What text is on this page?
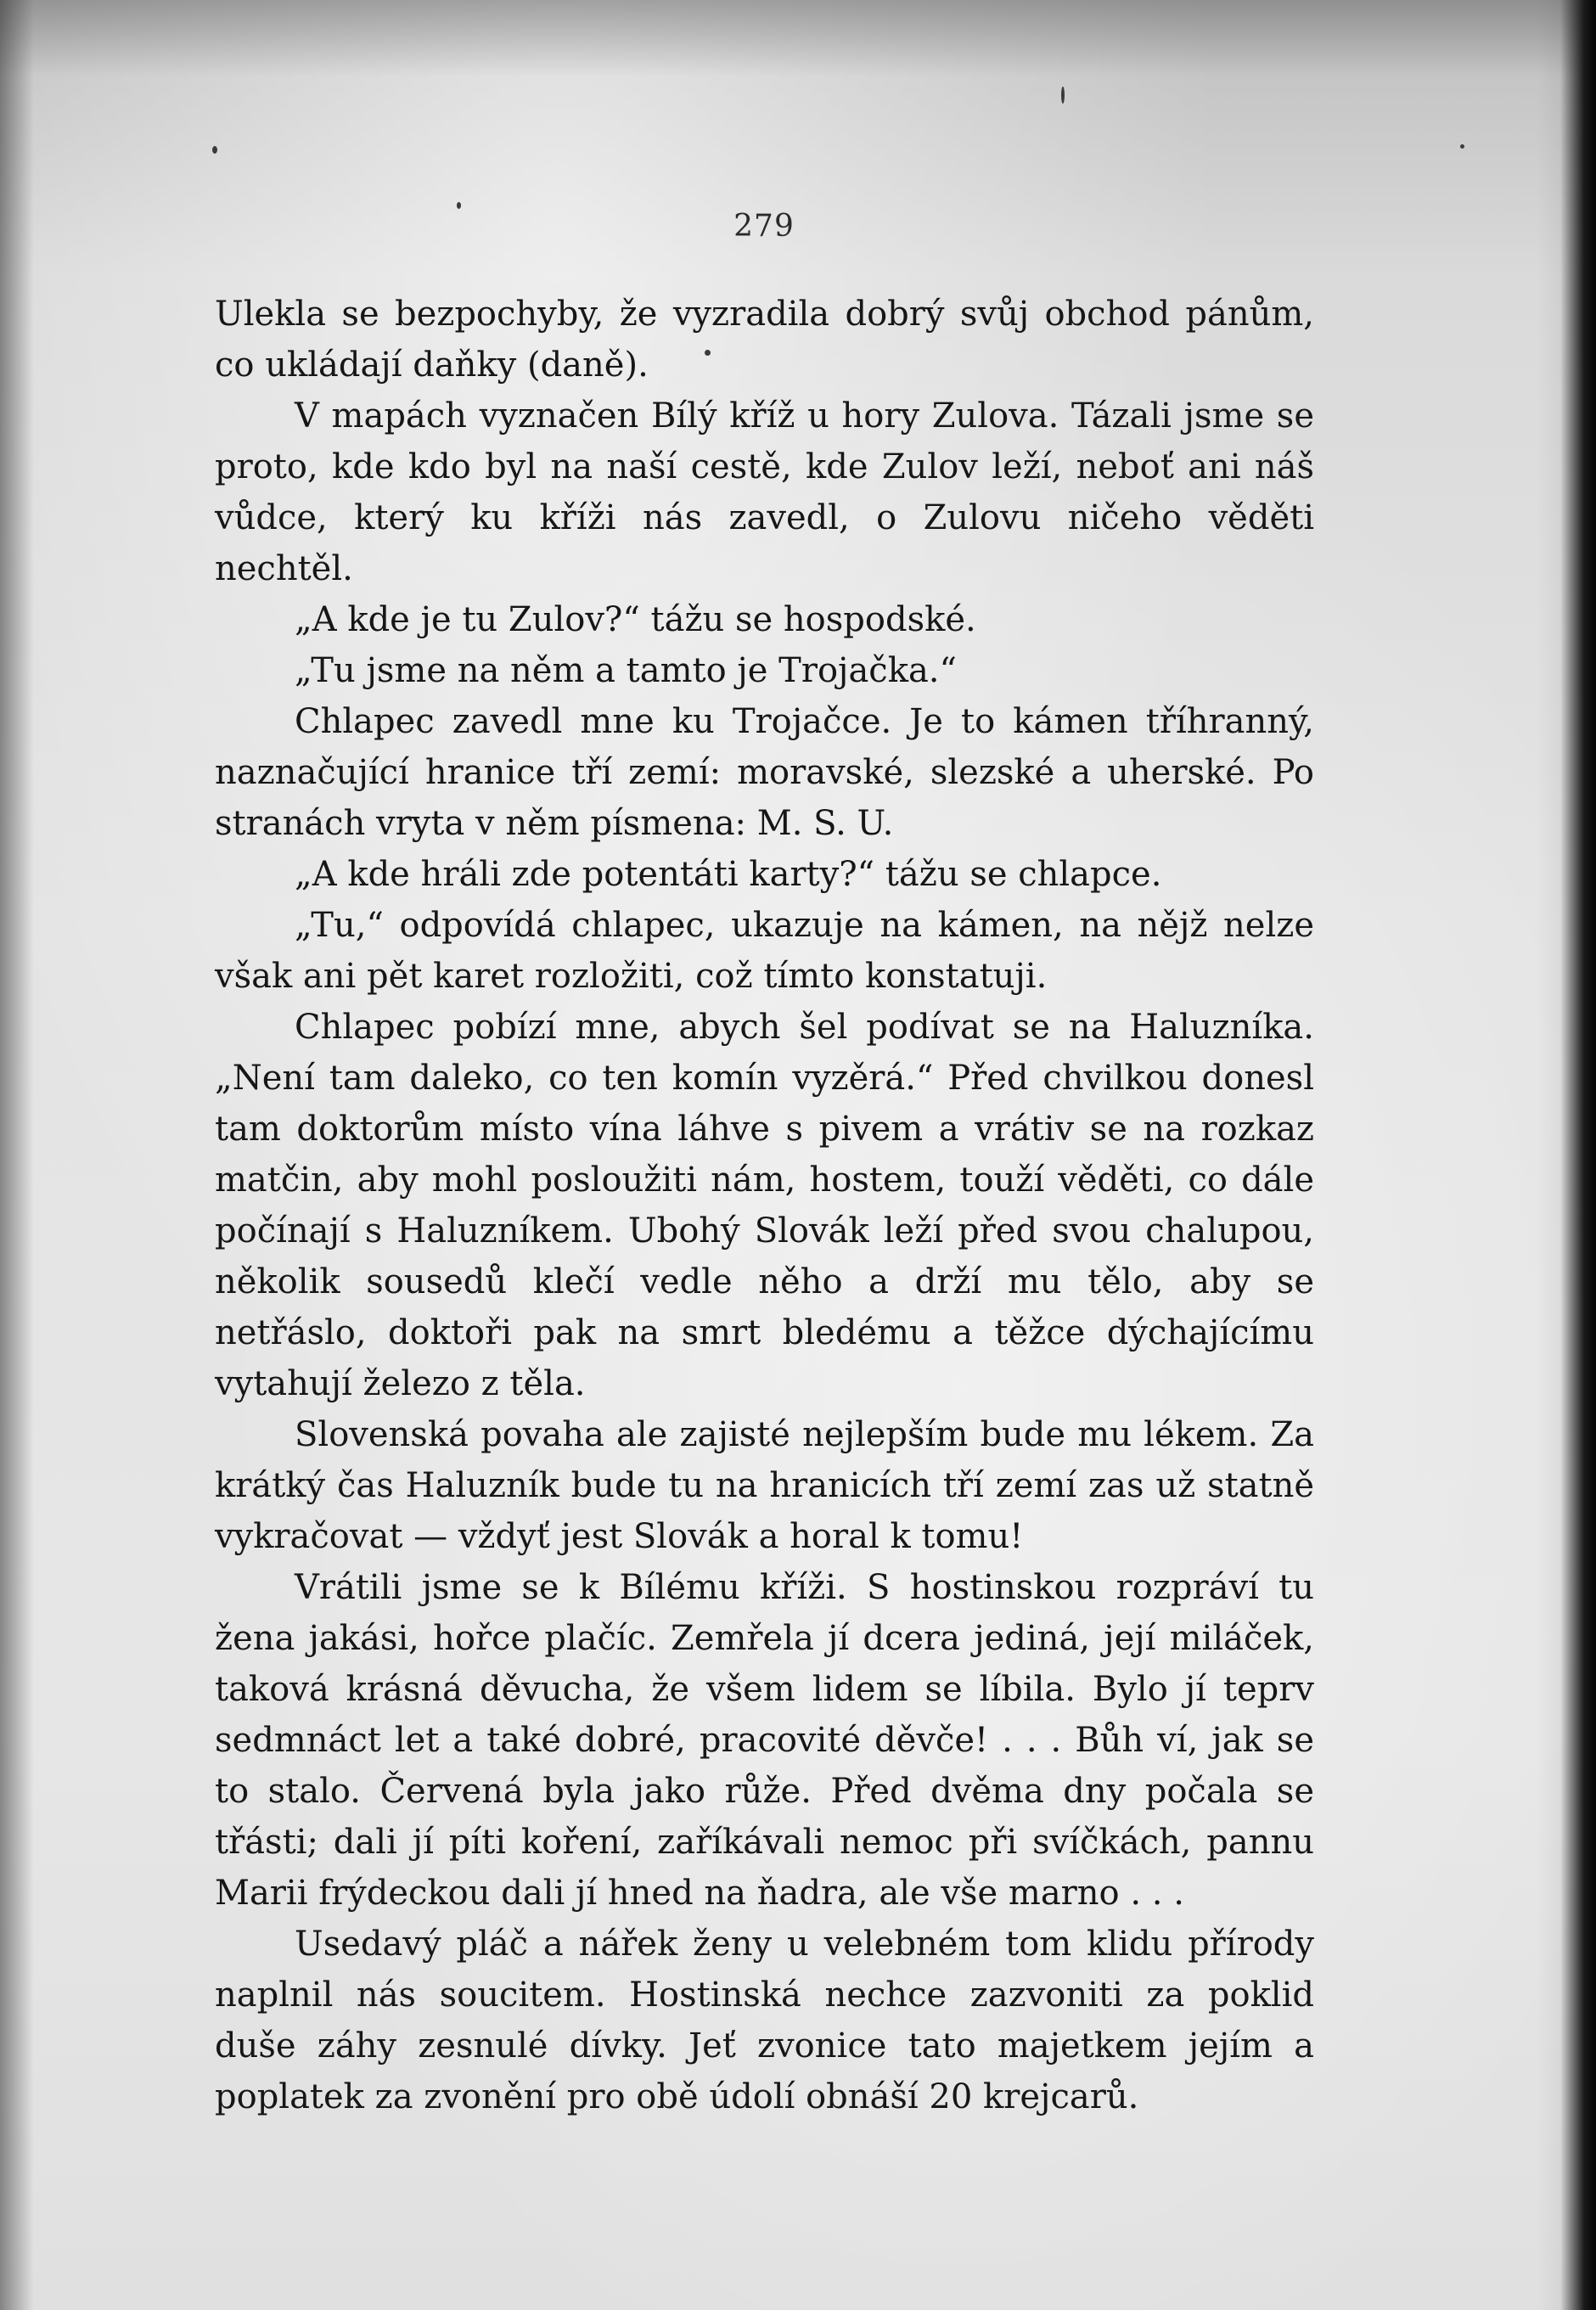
279

Ulekla se bezpochyby, že vyzradila dobrý svůj obchod pánům, co ukládají daňky (daně).

V mapách vyznačen Bílý kříž u hory Zulova. Tázali jsme se proto, kde kdo byl na naší cestě, kde Zulov leží, neboť ani náš vůdce, který ku kříži nás zavedl, o Zulovu ničeho věděti nechtěl.

„A kde je tu Zulov?“ tážu se hospodské.

„Tu jsme na něm a tamto je Trojačka.“

Chlapec zavedl mne ku Trojačce. Je to kámen tříhranný, naznačující hranice tří zemí: moravské, slezské a uherské. Po stranách vryta v něm písmena: M. S. U.

„A kde hráli zde potentáti karty?“ tážu se chlapce.

„Tu,“ odpovídá chlapec, ukazuje na kámen, na nějž nelze však ani pět karet rozložiti, což tímto konstatuji.

Chlapec pobízí mne, abych šel podívat se na Haluzníka. „Není tam daleko, co ten komín vyzěrá.“ Před chvilkou donesl tam doktorům místo vína láhve s pivem a vrátiv se na rozkaz matčin, aby mohl posloužiti nám, hostem, touží věděti, co dále počínají s Haluzníkem. Ubohý Slovák leží před svou chalupou, několik sousedů klečí vedle něho a drží mu tělo, aby se netřáslo, doktoři pak na smrt bledému a těžce dýchajícímu vytahují železo z těla.

Slovenská povaha ale zajisté nejlepším bude mu lékem. Za krátký čas Haluzník bude tu na hranicích tří zemí zas už statně vykračovat — vždyť jest Slovák a horal k tomu!

Vrátili jsme se k Bílému kříži. S hostinskou rozpráví tu žena jakási, hořce plačíc. Zemřela jí dcera jediná, její miláček, taková krásná děvucha, že všem lidem se líbila. Bylo jí teprv sedmnáct let a také dobré, pracovité děvče! . . . Bůh ví, jak se to stalo. Červená byla jako růže. Před dvěma dny počala se třásti; dali jí píti koření, zaříkávali nemoc při svíčkách, pannu Marii frýdeckou dali jí hned na ňadra, ale vše marno . . .

Usedavý pláč a nářek ženy u velebném tom klidu přírody naplnil nás soucitem. Hostinská nechce zazvoniti za poklid duše záhy zesnulé dívky. Jeť zvonice tato majetkem jejím a poplatek za zvonění pro obě údolí obnáší 20 krejcarů.
